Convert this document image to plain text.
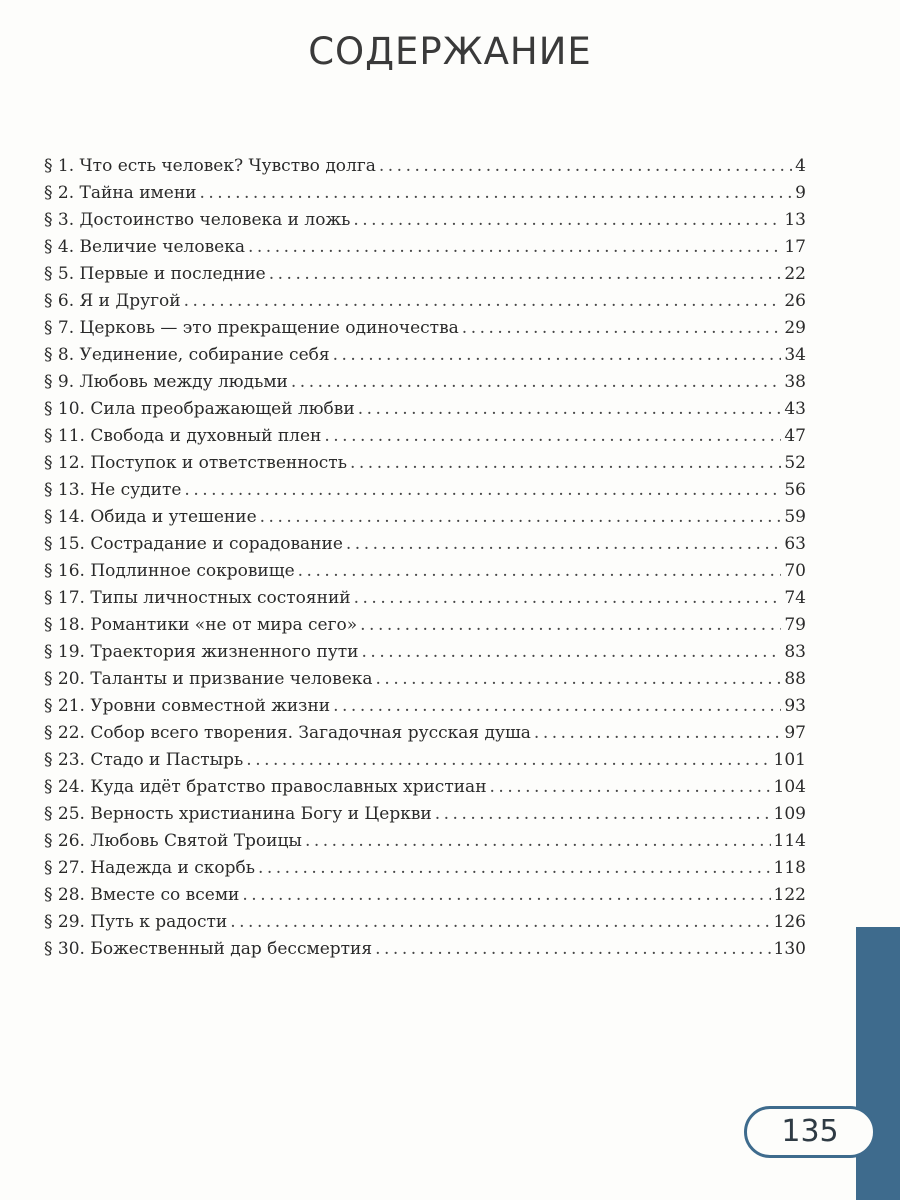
СОДЕРЖАНИЕ
§ 1. Что есть человек? Чувство долга .....	4
§ 2. Тайна имени .....	9
§ 3. Достоинство человека и ложь .....	13
§ 4. Величие человека .....	17
§ 5. Первые и последние .....	22
§ 6. Я и Другой .....	26
§ 7. Церковь — это прекращение одиночества .....	29
§ 8. Уединение, собирание себя .....	34
§ 9. Любовь между людьми .....	38
§ 10. Сила преображающей любви .....	43
§ 11. Свобода и духовный плен .....	47
§ 12. Поступок и ответственность .....	52
§ 13. Не судите .....	56
§ 14. Обида и утешение .....	59
§ 15. Сострадание и сорадование .....	63
§ 16. Подлинное сокровище .....	70
§ 17. Типы личностных состояний .....	74
§ 18. Романтики «не от мира сего» .....	79
§ 19. Траектория жизненного пути .....	83
§ 20. Таланты и призвание человека .....	88
§ 21. Уровни совместной жизни .....	93
§ 22. Собор всего творения. Загадочная русская душа .....	97
§ 23. Стадо и Пастырь .....	101
§ 24. Куда идёт братство православных христиан .....	104
§ 25. Верность христианина Богу и Церкви .....	109
§ 26. Любовь Святой Троицы .....	114
§ 27. Надежда и скорбь .....	118
§ 28. Вместе со всеми .....	122
§ 29. Путь к радости .....	126
§ 30. Божественный дар бессмертия .....	130
135
